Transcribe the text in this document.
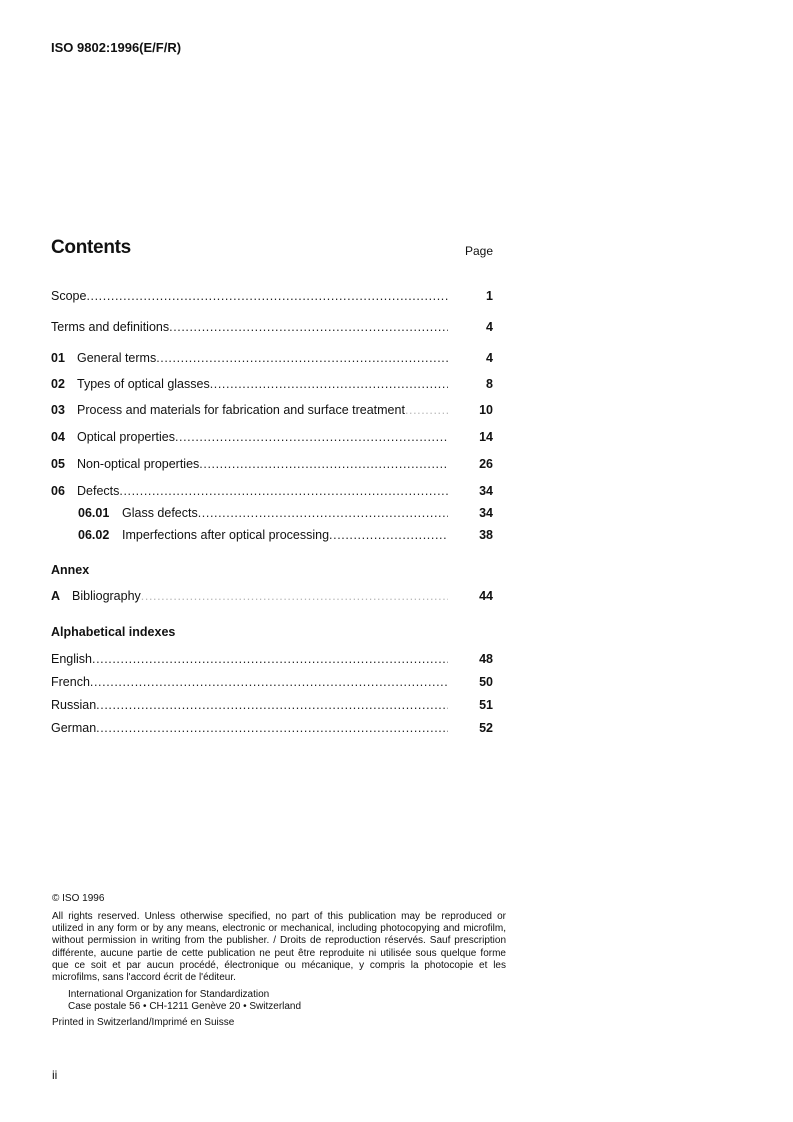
ISO 9802:1996(E/F/R)
Contents	Page
Scope .....	1
Terms and definitions .....	4
01 General terms .....	4
02 Types of optical glasses .....	8
03 Process and materials for fabrication and surface treatment .....	10
04 Optical properties .....	14
05 Non-optical properties .....	26
06 Defects .....	34
06.01 Glass defects .....	34
06.02 Imperfections after optical processing .....	38
Annex
A Bibliography .....	44
Alphabetical indexes
English .....	48
French .....	50
Russian .....	51
German .....	52
© ISO 1996
All rights reserved. Unless otherwise specified, no part of this publication may be reproduced or utilized in any form or by any means, electronic or mechanical, including photocopying and microfilm, without permission in writing from the publisher. / Droits de reproduction réservés. Sauf prescription différente, aucune partie de cette publication ne peut être reproduite ni utilisée sous quelque forme que ce soit et par aucun procédé, électronique ou mécanique, y compris la photocopie et les microfilms, sans l'accord écrit de l'éditeur.
International Organization for Standardization
Case postale 56 • CH-1211 Genève 20 • Switzerland
Printed in Switzerland/Imprimé en Suisse
ii
